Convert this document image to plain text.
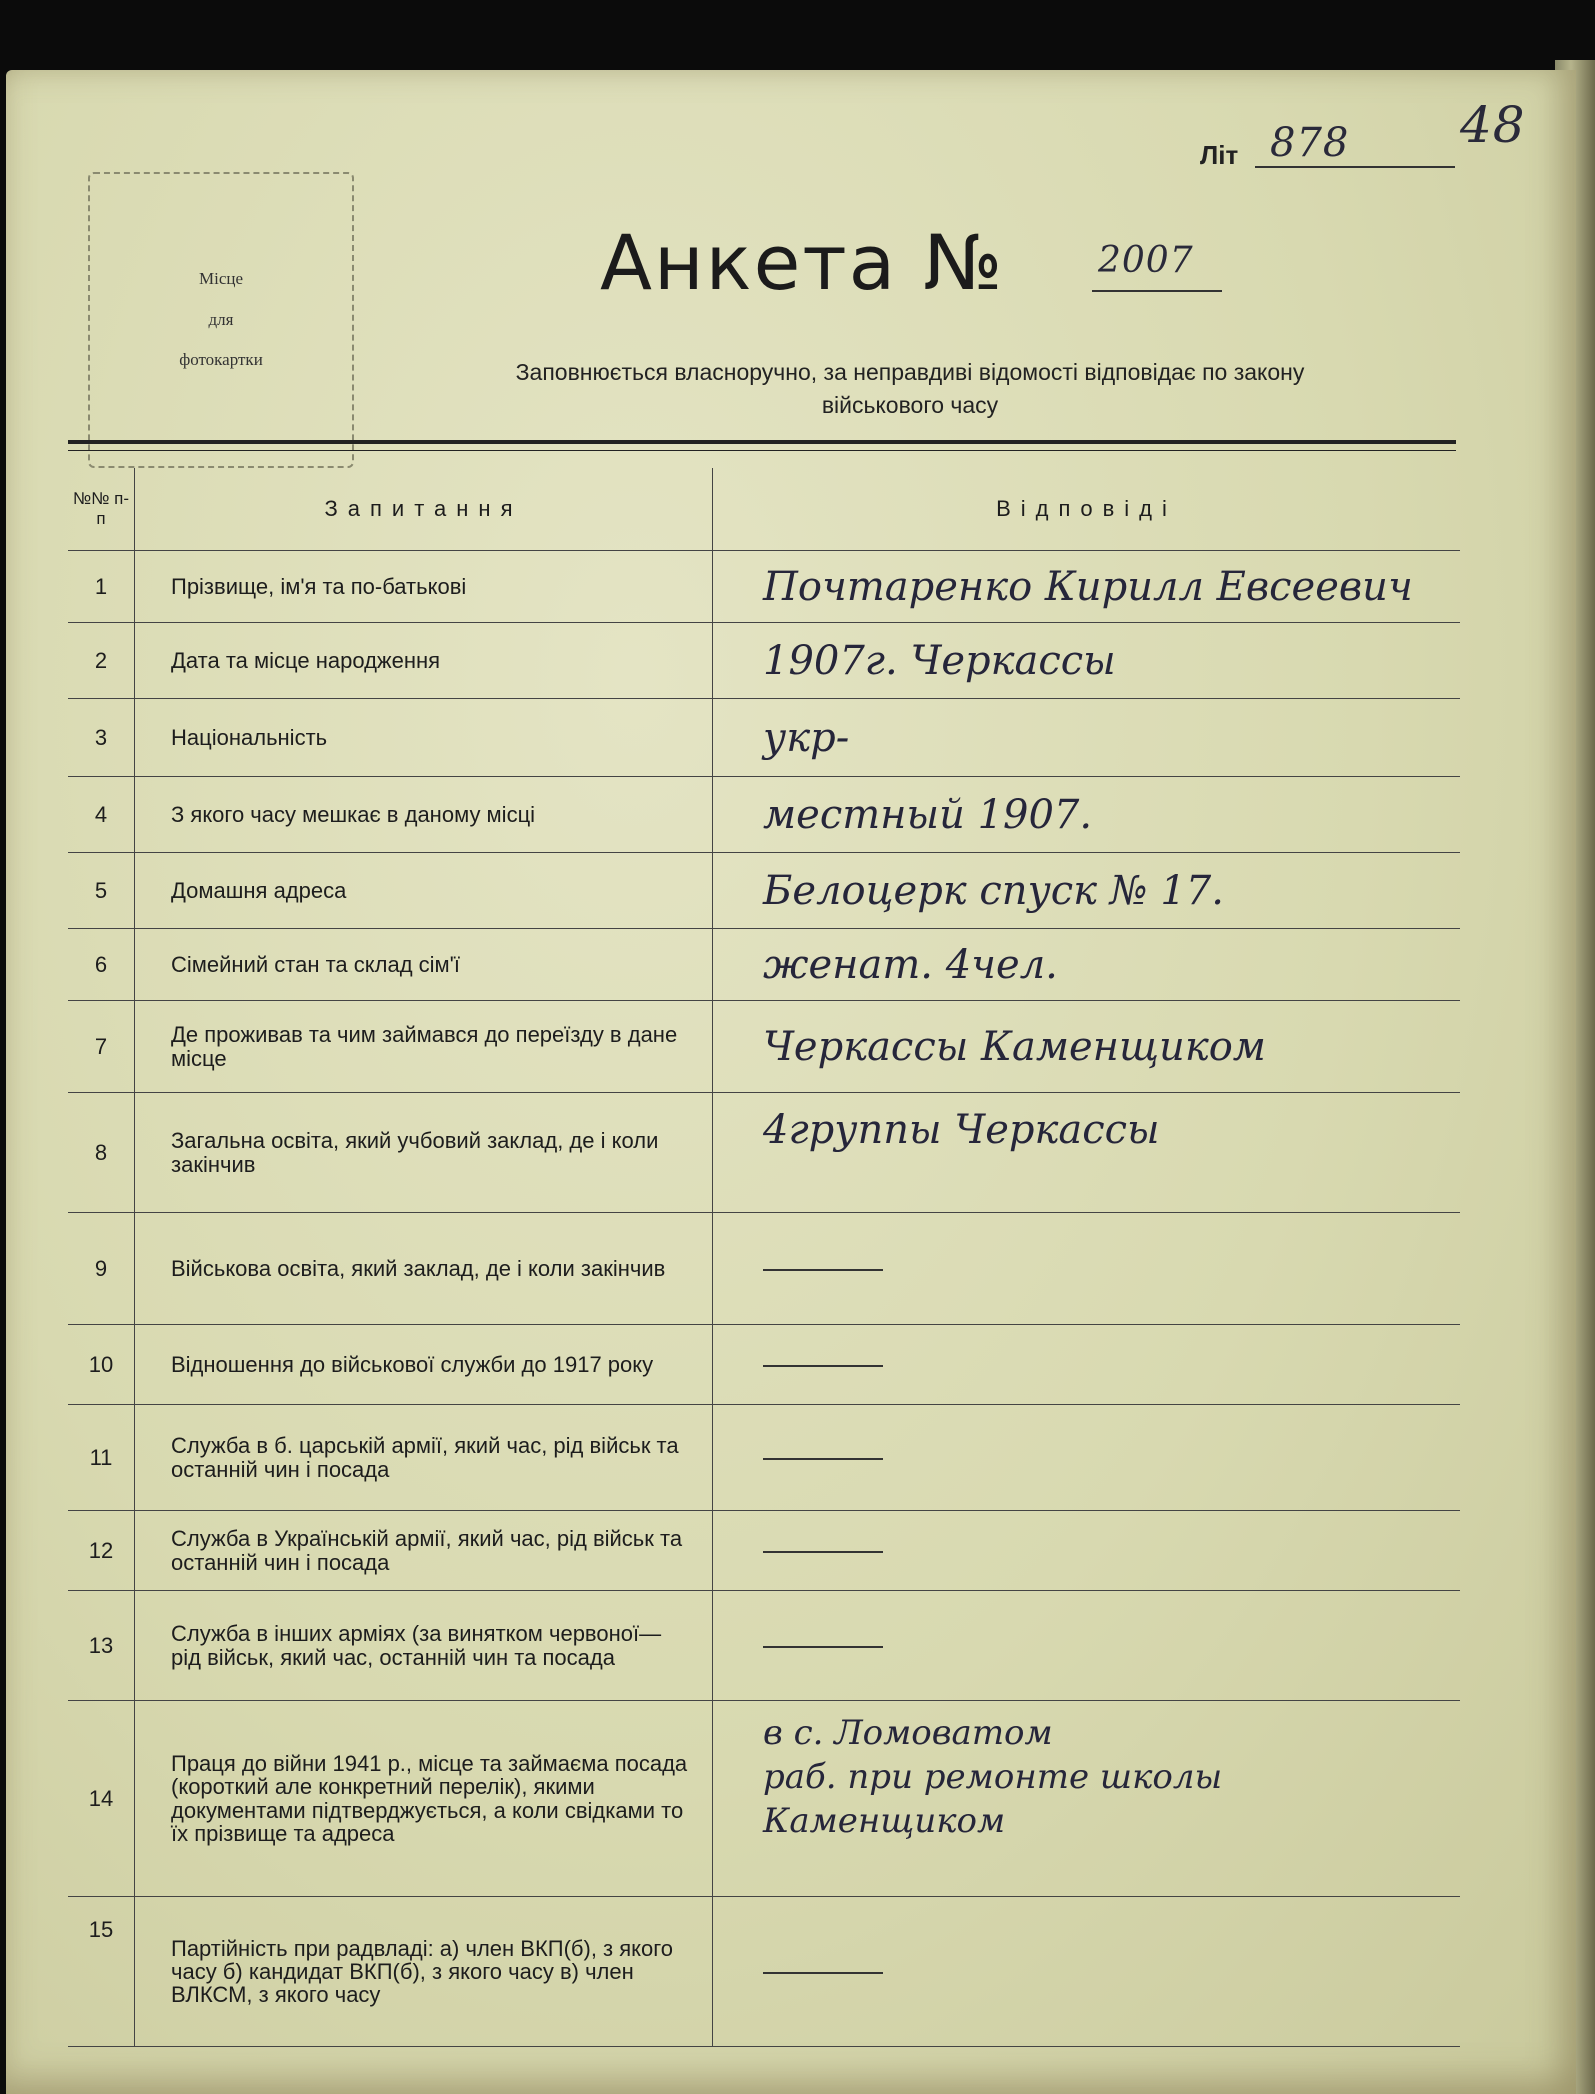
Літ 878 48
Місце
для
фотокартки
Анкета №	2007
Заповнюється власноручно, за неправдиві відомості відповідає по закону
військового часу
№№ п-п	Запитання	Відповіді
1	Прізвище, ім'я та по-батькові	Почтаренко Кирилл Евсеевич
2	Дата та місце народження	1907г. Черкассы
3	Національність	укр-
4	З якого часу мешкає в даному місці	местный 1907.
5	Домашня адреса	Белоцерк спуск № 17.
6	Сімейний стан та склад сім'ї	женат. 4чел.
7	Де проживав та чим займався до переїзду в дане місце	Черкассы Каменщиком
8	Загальна освіта, який учбовий заклад, де і коли закінчив	4группы Черкассы
9	Військова освіта, який заклад, де і коли закінчив	
10	Відношення до військової служби до 1917 року	
11	Служба в б. царській армії, який час, рід військ та останній чин і посада	
12	Служба в Українській армії, який час, рід військ та останній чин і посада	
13	Служба в інших арміях (за винятком червоної—рід військ, який час, останній чин та посада	
14	Праця до війни 1941 р., місце та займаєма посада (короткий але конкретний перелік), якими документами підтверджується, а коли свідками то їх прізвище та адреса	в с. Ломоватом
раб. при ремонте школы
Каменщиком

15	Партійність при радвладі: а) член ВКП(б), з якого часу б) кандидат ВКП(б), з якого часу в) член ВЛКСМ, з якого часу	
